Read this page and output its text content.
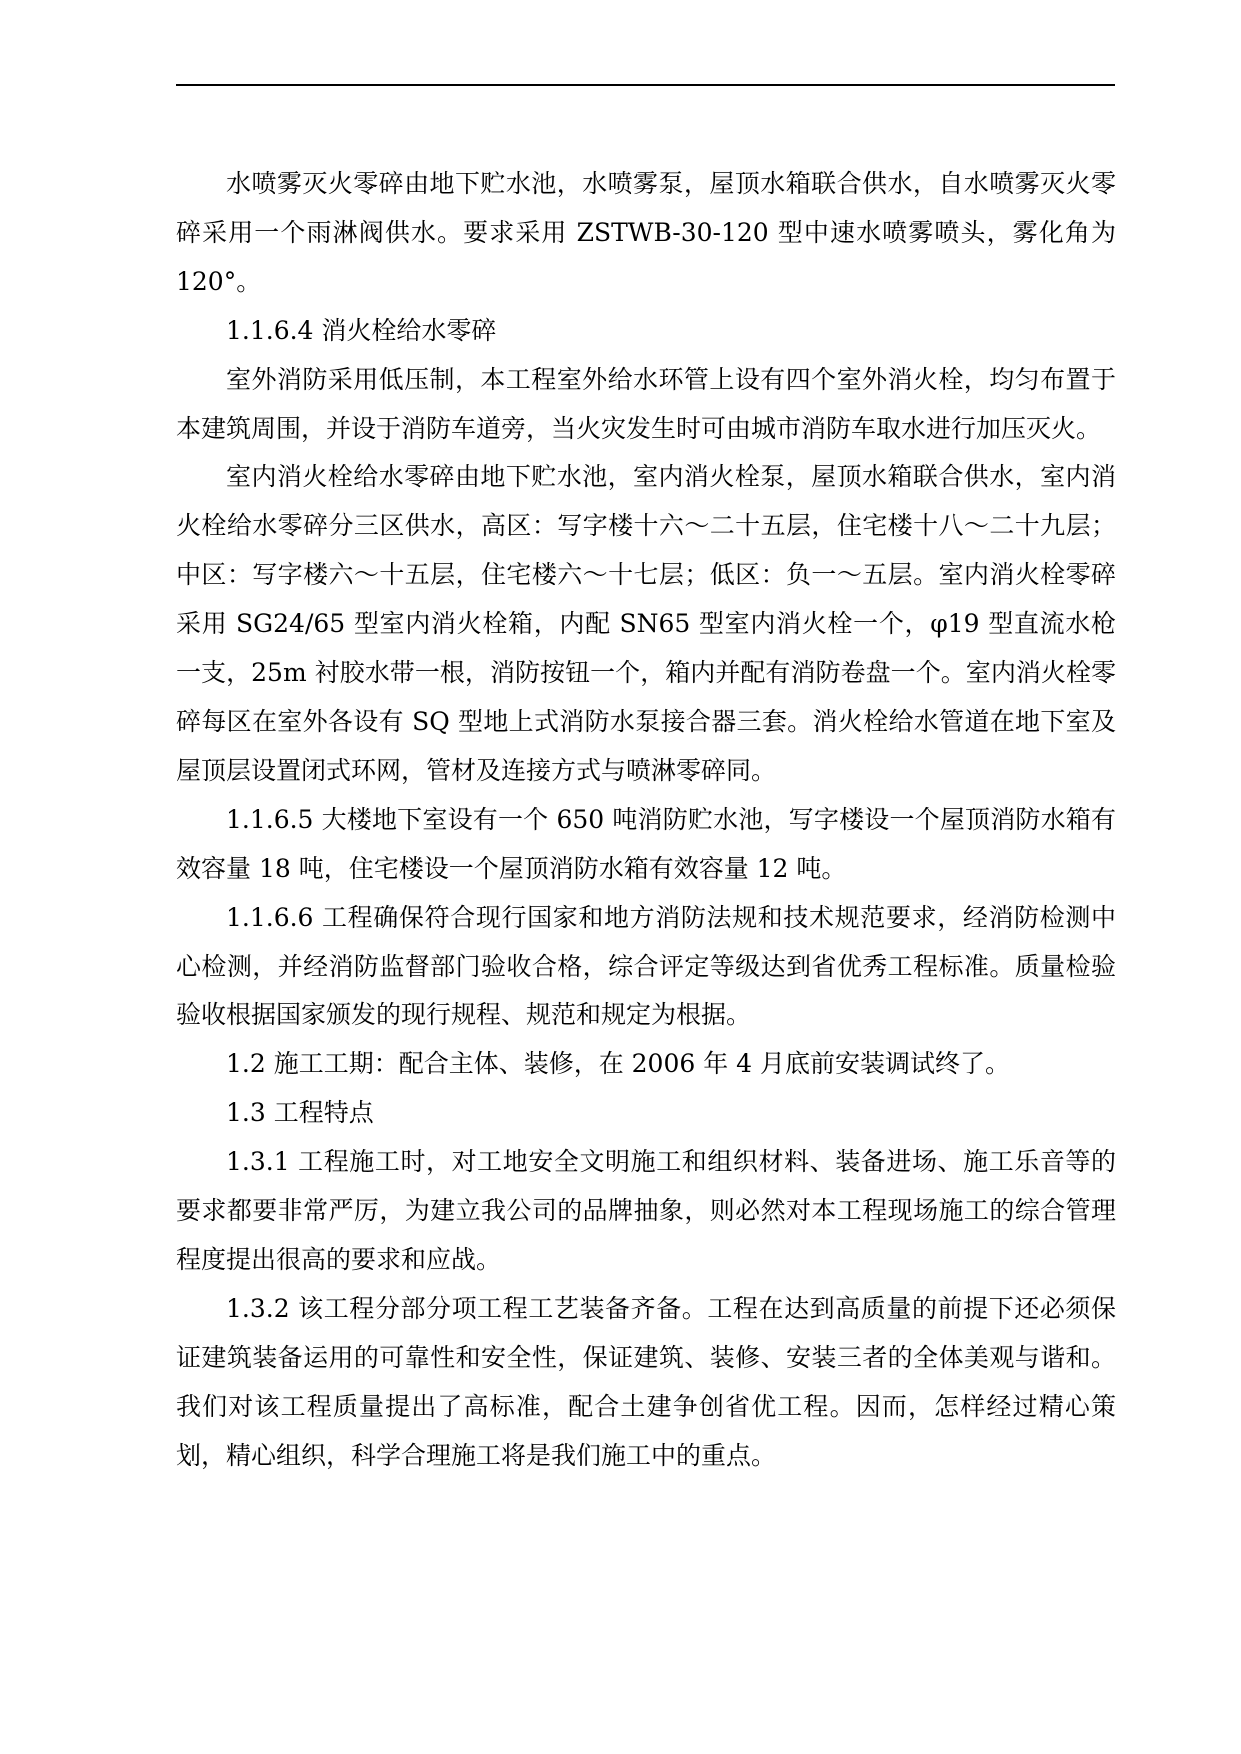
水喷雾灭火零碎由地下贮水池，水喷雾泵，屋顶水箱联合供水，自水喷雾灭火零碎采用一个雨淋阀供水。要求采用 ZSTWB-30-120 型中速水喷雾喷头，雾化角为 120°。

1.1.6.4 消火栓给水零碎

室外消防采用低压制，本工程室外给水环管上设有四个室外消火栓，均匀布置于本建筑周围，并设于消防车道旁，当火灾发生时可由城市消防车取水进行加压灭火。

室内消火栓给水零碎由地下贮水池，室内消火栓泵，屋顶水箱联合供水，室内消火栓给水零碎分三区供水，高区：写字楼十六～二十五层，住宅楼十八～二十九层；中区：写字楼六～十五层，住宅楼六～十七层；低区：负一～五层。室内消火栓零碎采用 SG24/65 型室内消火栓箱，内配 SN65 型室内消火栓一个，φ19 型直流水枪一支，25m 衬胶水带一根，消防按钮一个，箱内并配有消防卷盘一个。室内消火栓零碎每区在室外各设有 SQ 型地上式消防水泵接合器三套。消火栓给水管道在地下室及屋顶层设置闭式环网，管材及连接方式与喷淋零碎同。

1.1.6.5 大楼地下室设有一个 650 吨消防贮水池，写字楼设一个屋顶消防水箱有效容量 18 吨，住宅楼设一个屋顶消防水箱有效容量 12 吨。

1.1.6.6 工程确保符合现行国家和地方消防法规和技术规范要求，经消防检测中心检测，并经消防监督部门验收合格，综合评定等级达到省优秀工程标准。质量检验验收根据国家颁发的现行规程、规范和规定为根据。

1.2 施工工期：配合主体、装修，在 2006 年 4 月底前安装调试终了。

1.3 工程特点

1.3.1 工程施工时，对工地安全文明施工和组织材料、装备进场、施工乐音等的要求都要非常严厉，为建立我公司的品牌抽象，则必然对本工程现场施工的综合管理程度提出很高的要求和应战。

1.3.2 该工程分部分项工程工艺装备齐备。工程在达到高质量的前提下还必须保证建筑装备运用的可靠性和安全性，保证建筑、装修、安装三者的全体美观与谐和。我们对该工程质量提出了高标准，配合土建争创省优工程。因而，怎样经过精心策划，精心组织，科学合理施工将是我们施工中的重点。
